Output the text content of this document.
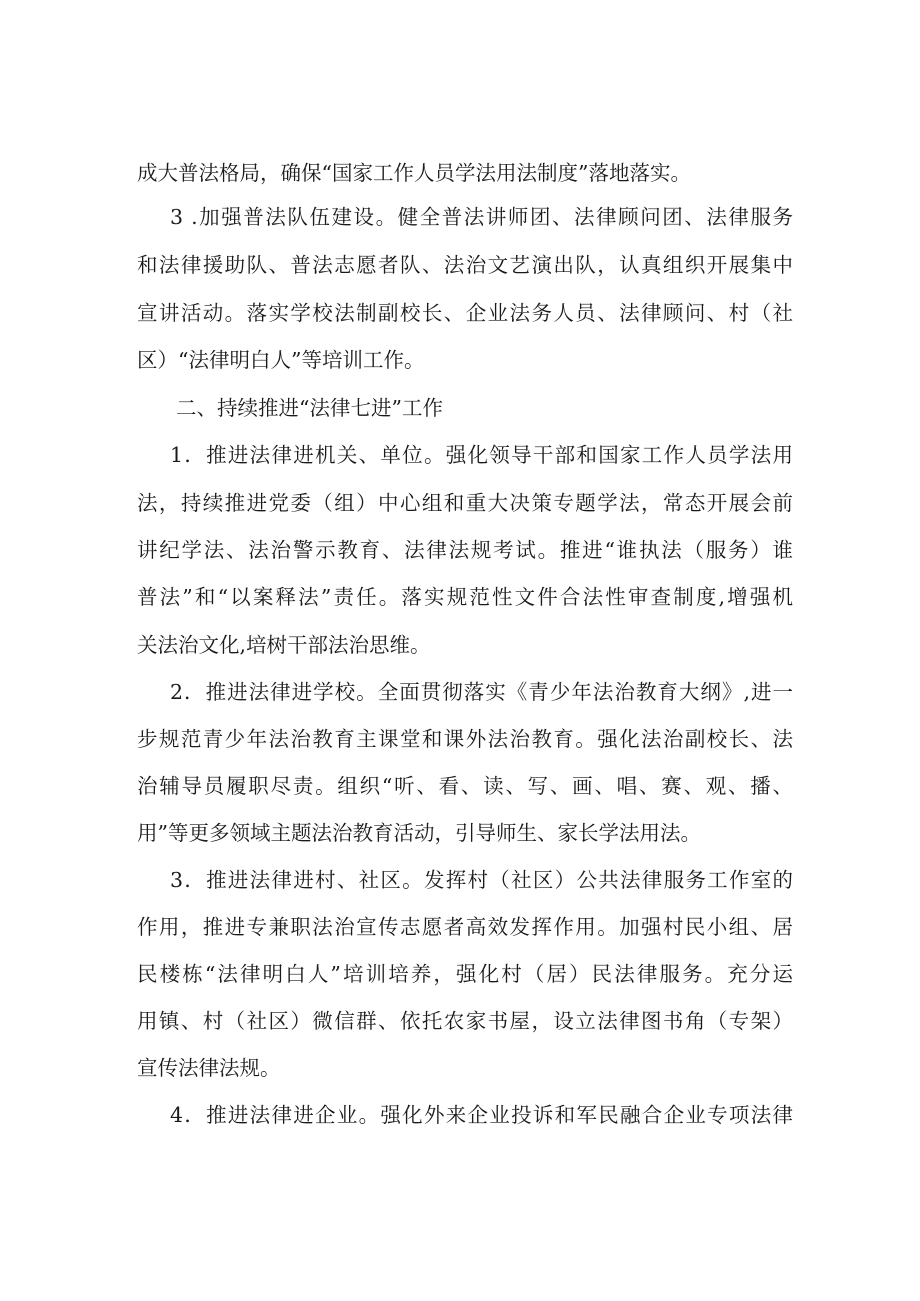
成大普法格局，确保“国家工作人员学法用法制度”落地落实。
3 .加强普法队伍建设。健全普法讲师团、法律顾问团、法律服务
和法律援助队、普法志愿者队、法治文艺演出队，认真组织开展集中
宣讲活动。落实学校法制副校长、企业法务人员、法律顾问、村（社
区）“法律明白人”等培训工作。
二、持续推进“法律七进”工作
1．推进法律进机关、单位。强化领导干部和国家工作人员学法用
法，持续推进党委（组）中心组和重大决策专题学法，常态开展会前
讲纪学法、法治警示教育、法律法规考试。推进“谁执法（服务）谁
普法”和“以案释法”责任。落实规范性文件合法性审查制度,增强机
关法治文化,培树干部法治思维。
2．推进法律进学校。全面贯彻落实《青少年法治教育大纲》,进一
步规范青少年法治教育主课堂和课外法治教育。强化法治副校长、法
治辅导员履职尽责。组织“听、看、读、写、画、唱、赛、观、播、
用”等更多领域主题法治教育活动，引导师生、家长学法用法。
3．推进法律进村、社区。发挥村（社区）公共法律服务工作室的
作用，推进专兼职法治宣传志愿者高效发挥作用。加强村民小组、居
民楼栋“法律明白人”培训培养，强化村（居）民法律服务。充分运
用镇、村（社区）微信群、依托农家书屋，设立法律图书角（专架）
宣传法律法规。
4．推进法律进企业。强化外来企业投诉和军民融合企业专项法律
